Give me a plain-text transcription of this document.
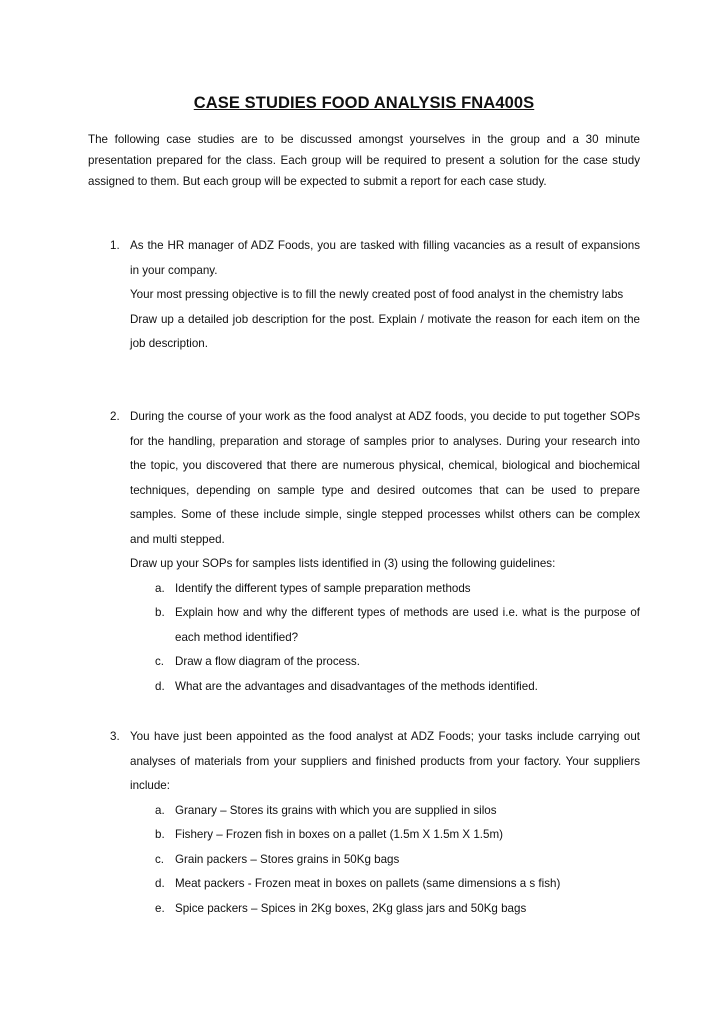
CASE STUDIES FOOD ANALYSIS FNA400S

The following case studies are to be discussed amongst yourselves in the group and a 30 minute presentation prepared for the class. Each group will be required to present a solution for the case study assigned to them. But each group will be expected to submit a report for each case study.

1. As the HR manager of ADZ Foods, you are tasked with filling vacancies as a result of expansions in your company.

Your most pressing objective is to fill the newly created post of food analyst in the chemistry labs

Draw up a detailed job description for the post. Explain / motivate the reason for each item on the job description.

2. During the course of your work as the food analyst at ADZ foods, you decide to put together SOPs for the handling, preparation and storage of samples prior to analyses. During your research into the topic, you discovered that there are numerous physical, chemical, biological and biochemical techniques, depending on sample type and desired outcomes that can be used to prepare samples. Some of these include simple, single stepped processes whilst others can be complex and multi stepped.

Draw up your SOPs for samples lists identified in (3) using the following guidelines:

a. Identify the different types of sample preparation methods

b. Explain how and why the different types of methods are used i.e. what is the purpose of each method identified?

c. Draw a flow diagram of the process.

d. What are the advantages and disadvantages of the methods identified.

3. You have just been appointed as the food analyst at ADZ Foods; your tasks include carrying out analyses of materials from your suppliers and finished products from your factory. Your suppliers include:

a. Granary – Stores its grains with which you are supplied in silos

b. Fishery – Frozen fish in boxes on a pallet (1.5m X 1.5m X 1.5m)

c. Grain packers – Stores grains in 50Kg bags

d. Meat packers - Frozen meat in boxes on pallets (same dimensions a s fish)

e. Spice packers – Spices in 2Kg boxes, 2Kg glass jars and 50Kg bags
